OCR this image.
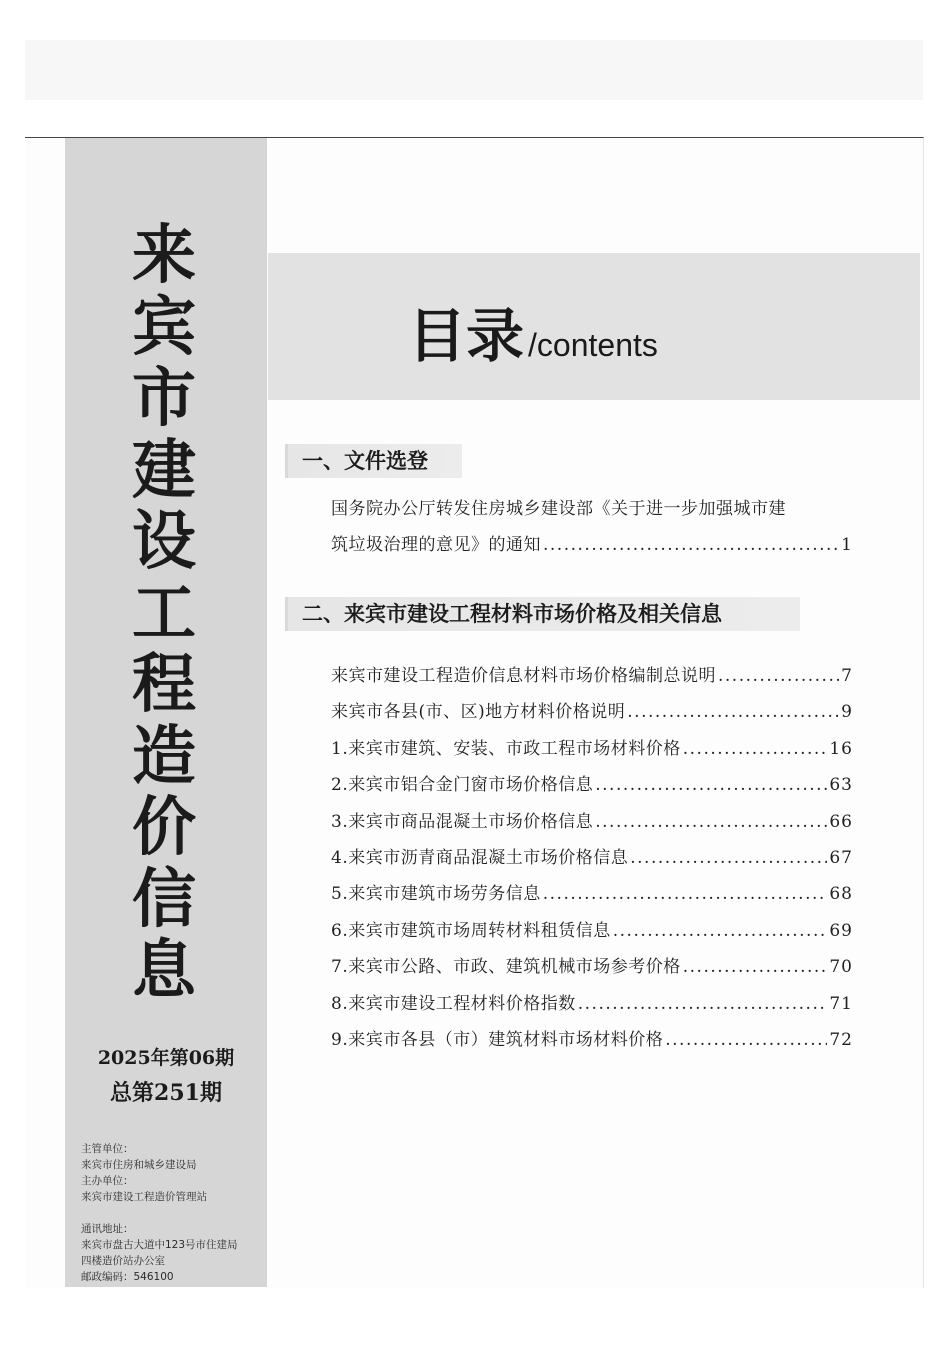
来
宾
市
建
设
工
程
造
价
信
息
2025年第06期
总第251期
主管单位：
来宾市住房和城乡建设局
主办单位：
来宾市建设工程造价管理站
通讯地址：
来宾市盘古大道中123号市住建局
四楼造价站办公室
邮政编码：546100
目录 /contents
一、文件选登
国务院办公厅转发住房城乡建设部《关于进一步加强城市建
筑垃圾治理的意见》的通知 .....	1
二、来宾市建设工程材料市场价格及相关信息
来宾市建设工程造价信息材料市场价格编制总说明 .....	7
来宾市各县(市、区)地方材料价格说明 .....	9
1.来宾市建筑、安装、市政工程市场材料价格 .....	16
2.来宾市铝合金门窗市场价格信息 .....	63
3.来宾市商品混凝土市场价格信息 .....	66
4.来宾市沥青商品混凝土市场价格信息 .....	67
5.来宾市建筑市场劳务信息 .....	68
6.来宾市建筑市场周转材料租赁信息 .....	69
7.来宾市公路、市政、建筑机械市场参考价格 .....	70
8.来宾市建设工程材料价格指数 .....	71
9.来宾市各县（市）建筑材料市场材料价格 .....	72
